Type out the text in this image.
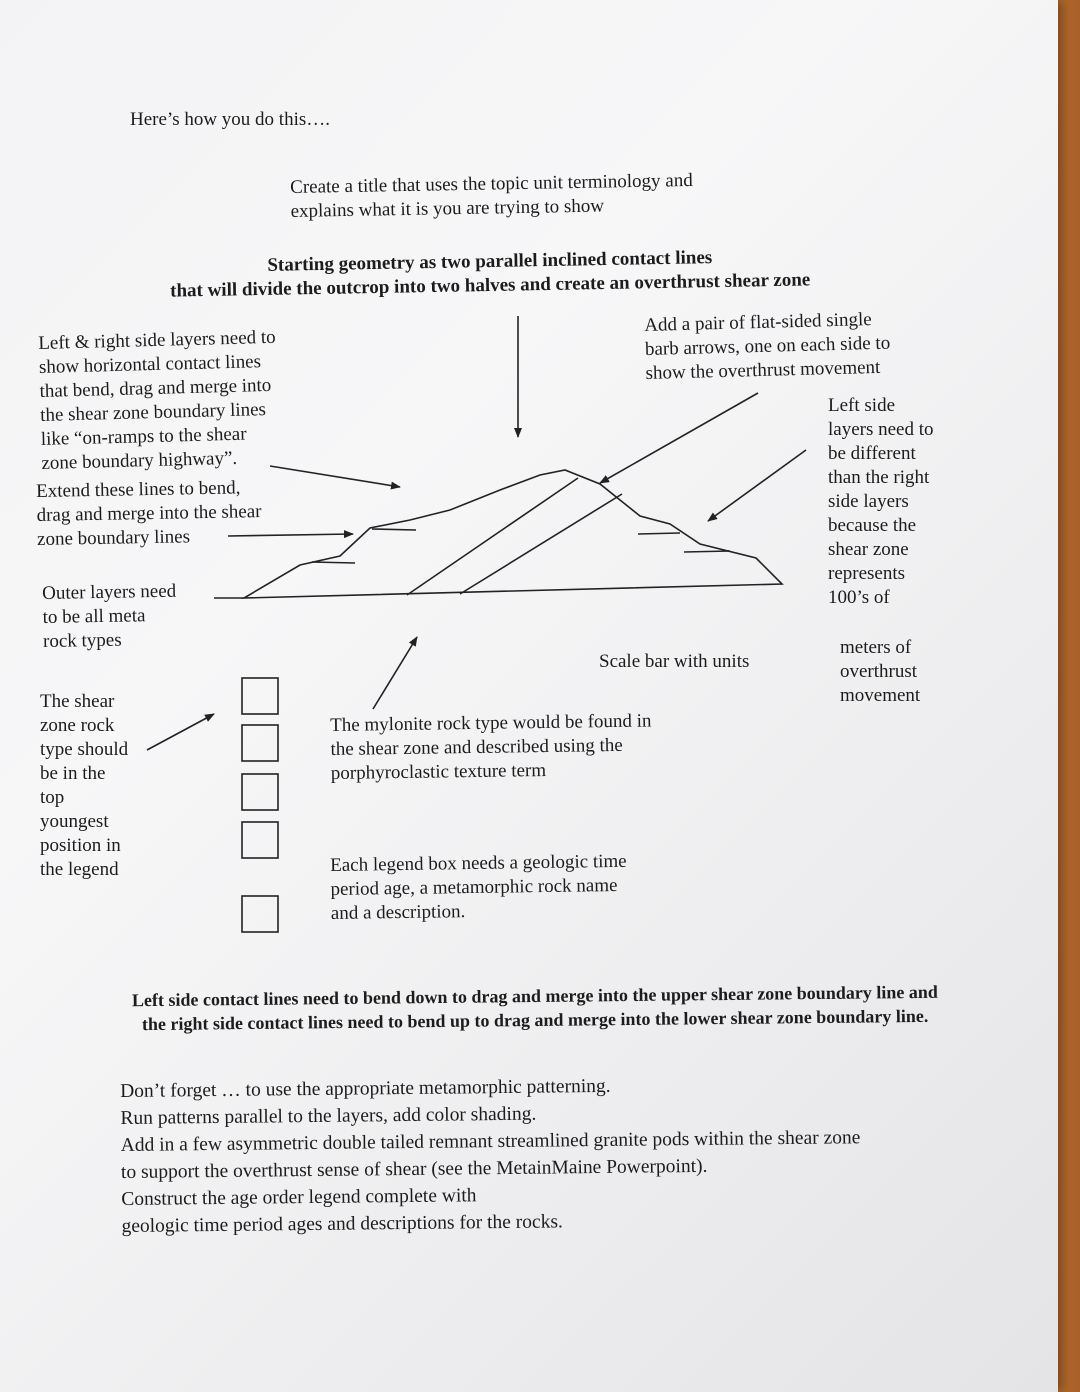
Here’s how you do this….

Create a title that uses the topic unit terminology and
explains what it is you are trying to show

Starting geometry as two parallel inclined contact lines
that will divide the outcrop into two halves and create an overthrust shear zone

Left & right side layers need to
show horizontal contact lines
that bend, drag and merge into
the shear zone boundary lines
like “on-ramps to the shear
zone boundary highway”.

Extend these lines to bend,
drag and merge into the shear
zone boundary lines

Outer layers need
to be all meta
rock types

The shear
zone rock
type should
be in the
top
youngest
position in
the legend

Add a pair of flat-sided single
barb arrows, one on each side to
show the overthrust movement

Left side
layers need to
be different
than the right
side layers
because the
shear zone
represents
100’s of

meters of
overthrust
movement

Scale bar with units

The mylonite rock type would be found in
the shear zone and described using the
porphyroclastic texture term

Each legend box needs a geologic time
period age, a metamorphic rock name
and a description.

Left side contact lines need to bend down to drag and merge into the upper shear zone boundary line and
the right side contact lines need to bend up to drag and merge into the lower shear zone boundary line.

Don’t forget … to use the appropriate metamorphic patterning.
Run patterns parallel to the layers, add color shading.
Add in a few asymmetric double tailed remnant streamlined granite pods within the shear zone
to support the overthrust sense of shear (see the MetainMaine Powerpoint).
Construct the age order legend complete with
geologic time period ages and descriptions for the rocks.
